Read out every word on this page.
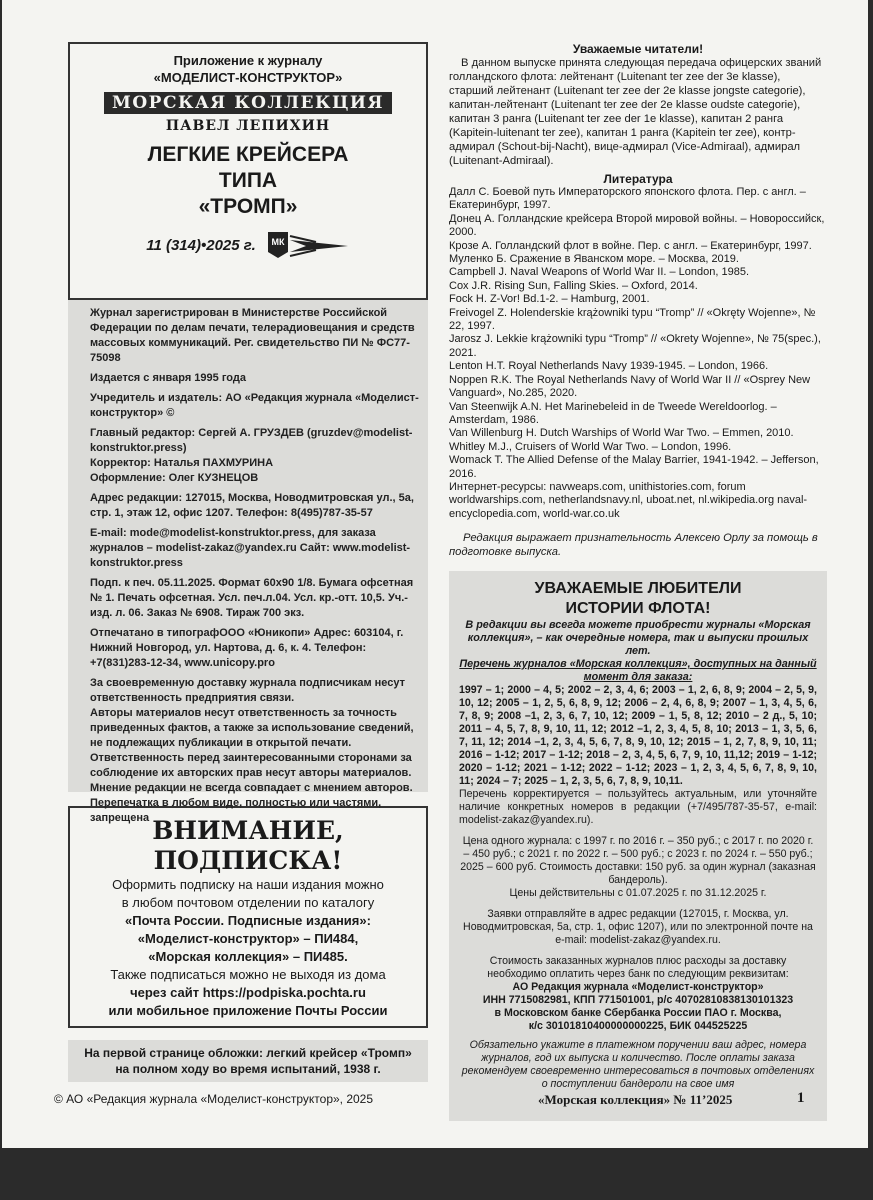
Приложение к журналу
«МОДЕЛИСТ-КОНСТРУКТОР»
МОРСКАЯ КОЛЛЕКЦИЯ
ПАВЕЛ ЛЕПИХИН
ЛЕГКИЕ КРЕЙСЕРА
ТИПА
«ТРОМП»
11 (314)•2025 г. МК

Журнал зарегистрирован в Министерстве Российской Федерации по делам печати, телерадиовещания и средств массовых коммуникаций. Рег. свидетельство ПИ № ФС77-75098

Издается с января 1995 года

Учредитель и издатель: АО «Редакция журнала «Моделист-конструктор» ©

Главный редактор: Сергей А. ГРУЗДЕВ (gruzdev@modelist-konstruktor.press)

Корректор: Наталья ПАХМУРИНА

Оформление: Олег КУЗНЕЦОВ

Адрес редакции: 127015, Москва, Новодмитровская ул., 5а, стр. 1, этаж 12, офис 1207. Телефон: 8(495)787-35-57

E-mail: mode@modelist-konstruktor.press, для заказа журналов – modelist-zakaz@yandex.ru Сайт: www.modelist-konstruktor.press

Подп. к печ. 05.11.2025. Формат 60х90 1/8. Бумага офсетная № 1. Печать офсетная. Усл. печ.л.04. Усл. кр.-отт. 10,5. Уч.-изд. л. 06. Заказ № 6908. Тираж 700 экз.

Отпечатано в типографООО «Юникопи» Адрес: 603104, г. Нижний Новгород, ул. Нартова, д. 6, к. 4. Телефон: +7(831)283-12-34, www.unicopy.pro

За своевременную доставку журнала подписчикам несут ответственность предприятия связи.

Авторы материалов несут ответственность за точность приведенных фактов, а также за использование сведений, не подлежащих публикации в открытой печати. Ответственность перед заинтересованными сторонами за соблюдение их авторских прав несут авторы материалов. Мнение редакции не всегда совпадает с мнением авторов. Перепечатка в любом виде, полностью или частями, запрещена ВНИМАНИЕ,
ПОДПИСКА!
Оформить подписку на наши издания можно
в любом почтовом отделении по каталогу
«Почта России. Подписные издания»:
«Моделист-конструктор» – ПИ484,
«Морская коллекция» – ПИ485.
Также подписаться можно не выходя из дома
через сайт https://podpiska.pochta.ru
или мобильное приложение Почты России
На первой странице обложки: легкий крейсер «Тромп»
на полном ходу во время испытаний, 1938 г.
Уважаемые читатели!

В данном выпуске принята следующая передача офицерских званий голландского флота: лейтенант (Luitenant ter zee der 3e klasse), старший лейтенант (Luitenant ter zee der 2e klasse jongste categorie), капитан-лейтенант (Luitenant ter zee der 2e klasse oudste categorie), капитан 3 ранга (Luitenant ter zee der 1e klasse), капитан 2 ранга (Kapitein-luitenant ter zee), капитан 1 ранга (Kapitein ter zee), контр-адмирал (Schout-bij-Nacht), вице-адмирал (Vice-Admiraal), адмирал (Luitenant-Admiraal).

Литература
Далл С. Боевой путь Императорского японского флота. Пер. с англ. – Екатеринбург, 1997.
Донец А. Голландские крейсера Второй мировой войны. – Новороссийск, 2000.
Крозе А. Голландский флот в войне. Пер. с англ. – Екатеринбург, 1997.
Муленко Б. Сражение в Яванском море. – Москва, 2019.
Campbell J. Naval Weapons of World War II. – London, 1985.
Cox J.R. Rising Sun, Falling Skies. – Oxford, 2014.
Fock H. Z-Vor! Bd.1-2. – Hamburg, 2001.
Freivogel Z. Holenderskie krążowniki typu “Tromp” // «Okręty Wojenne», № 22, 1997.
Jarosz J. Lekkie krążowniki typu “Tromp” // «Okrety Wojenne», № 75(spec.), 2021.
Lenton H.T. Royal Netherlands Navy 1939-1945. – London, 1966.
Noppen R.K. The Royal Netherlands Navy of World War II // «Osprey New Vanguard», No.285, 2020.
Van Steenwijk A.N. Het Marinebeleid in de Tweede Wereldoorlog. – Amsterdam, 1986.
Van Willenburg H. Dutch Warships of World War Two. – Emmen, 2010.
Whitley M.J., Cruisers of World War Two. – London, 1996.
Womack T. The Allied Defense of the Malay Barrier, 1941-1942. – Jefferson, 2016.
Интернет-ресурсы: navweaps.com, unithistories.com, forum worldwarships.com, netherlandsnavy.nl, uboat.net, nl.wikipedia.org naval-encyclopedia.com, world-war.co.uk

Редакция выражает признательность Алексею Орлу за помощь в подготовке выпуска.

УВАЖАЕМЫЕ ЛЮБИТЕЛИ
ИСТОРИИ ФЛОТА!

В редакции вы всегда можете приобрести журналы «Морская коллекция», – как очередные номера, так и выпуски прошлых лет.

Перечень журналов «Морская коллекция», доступных на данный момент для заказа:

1997 – 1; 2000 – 4, 5; 2002 – 2, 3, 4, 6; 2003 – 1, 2, 6, 8, 9; 2004 – 2, 5, 9, 10, 12; 2005 – 1, 2, 5, 6, 8, 9, 12; 2006 – 2, 4, 6, 8, 9; 2007 – 1, 3, 4, 5, 6, 7, 8, 9; 2008 –1, 2, 3, 6, 7, 10, 12; 2009 – 1, 5, 8, 12; 2010 – 2 д., 5, 10; 2011 – 4, 5, 7, 8, 9, 10, 11, 12; 2012 –1, 2, 3, 4, 5, 8, 10; 2013 – 1, 3, 5, 6, 7, 11, 12; 2014 –1, 2, 3, 4, 5, 6, 7, 8, 9, 10, 12; 2015 – 1, 2, 7, 8, 9, 10, 11; 2016 – 1-12; 2017 – 1-12; 2018 – 2, 3, 4, 5, 6, 7, 9, 10, 11,12; 2019 – 1-12; 2020 – 1-12; 2021 – 1-12; 2022 – 1-12; 2023 – 1, 2, 3, 4, 5, 6, 7, 8, 9, 10, 11; 2024 – 7; 2025 – 1, 2, 3, 5, 6, 7, 8, 9, 10,11.

Перечень корректируется – пользуйтесь актуальным, или уточняйте наличие конкретных номеров в редакции (+7/495/787-35-57, e-mail: modelist-zakaz@yandex.ru).

Цена одного журнала: с 1997 г. по 2016 г. – 350 руб.; с 2017 г. по 2020 г. – 450 руб.; с 2021 г. по 2022 г. – 500 руб.; с 2023 г. по 2024 г. – 550 руб.; 2025 – 600 руб. Стоимость доставки: 150 руб. за один журнал (заказная бандероль).

Цены действительны с 01.07.2025 г. по 31.12.2025 г.

Заявки отправляйте в адрес редакции (127015, г. Москва, ул. Новодмитровская, 5а, стр. 1, офис 1207), или по электронной почте на e-mail: modelist-zakaz@yandex.ru.

Стоимость заказанных журналов плюс расходы за доставку необходимо оплатить через банк по следующим реквизитам:

АО Редакция журнала «Моделист-конструктор»

ИНН 7715082981, КПП 771501001, р/с 40702810838130101323

в Московском банке Сбербанка России ПАО г. Москва,

к/с 30101810400000000225, БИК 044525225

Обязательно укажите в платежном поручении ваш адрес, номера журналов, год их выпуска и количество. После оплаты заказа рекомендуем своевременно интересоваться в почтовых отделениях о поступлении бандероли на свое имя

© АО «Редакция журнала «Моделист-конструктор», 2025	«Морская коллекция» № 11’2025	1
